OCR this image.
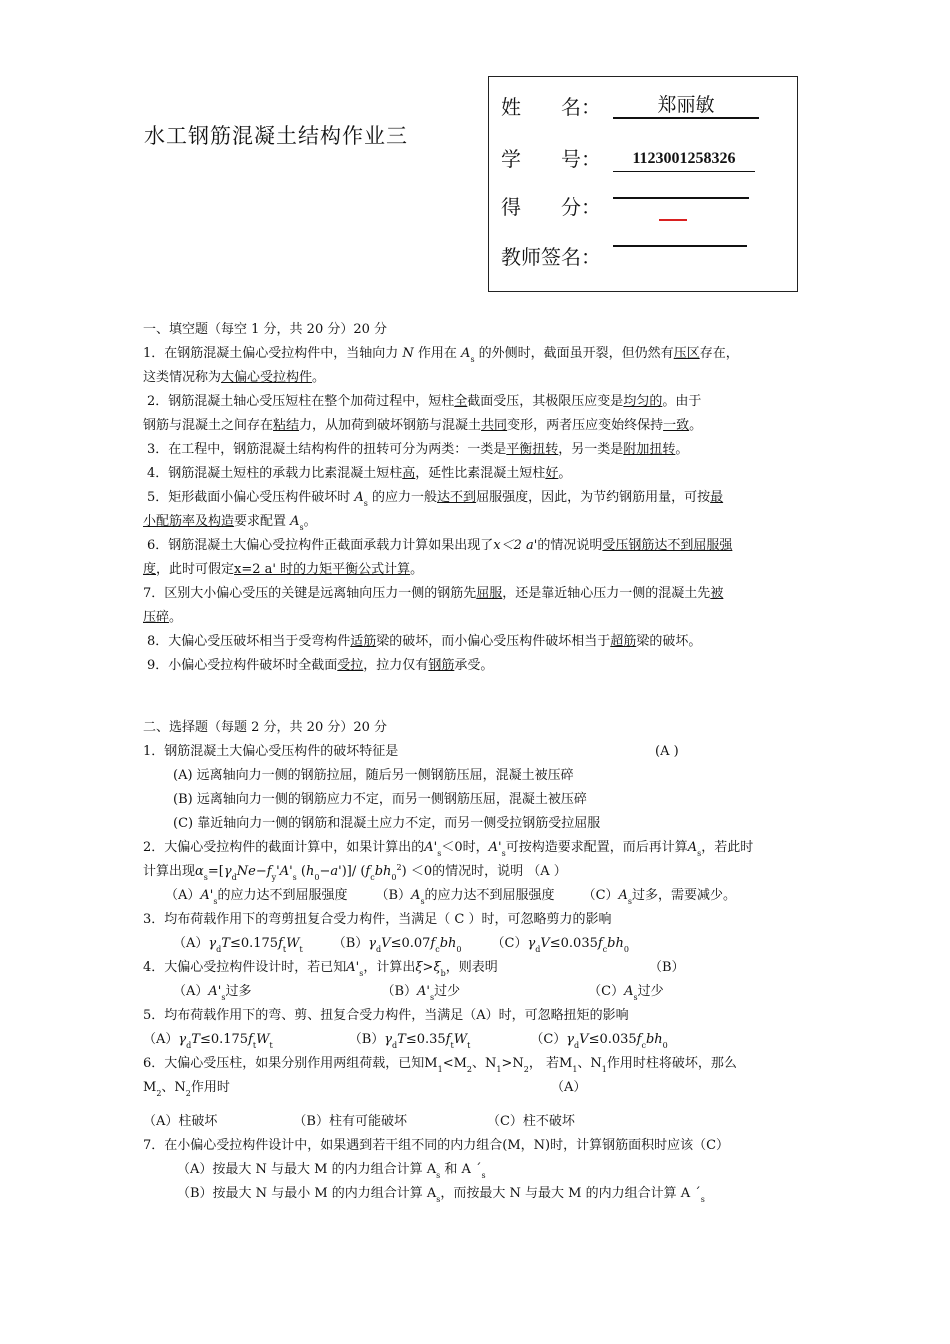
水工钢筋混凝土结构作业三
姓　　名：	郑丽敏
学　　号：	1123001258326
得　　分：
教师签名：
一、填空题（每空 1 分，共 20 分）20 分
1．在钢筋混凝土偏心受拉构件中，当轴向力 N 作用在 $A_s$ 的外侧时，截面虽开裂，但仍然有压区存在，
这类情况称为大偏心受拉构件。
2．钢筋混凝土轴心受压短柱在整个加荷过程中，短柱全截面受压，其极限压应变是均匀的。由于
钢筋与混凝土之间存在粘结力，从加荷到破坏钢筋与混凝土共同变形，两者压应变始终保持一致。
3．在工程中，钢筋混凝土结构构件的扭转可分为两类：一类是平衡扭转，另一类是附加扭转。
4．钢筋混凝土短柱的承载力比素混凝土短柱高，延性比素混凝土短柱好。
5．矩形截面小偏心受压构件破坏时 $A_s$ 的应力一般达不到屈服强度，因此，为节约钢筋用量，可按最
小配筋率及构造要求配置 $A_s$。
6．钢筋混凝土大偏心受拉构件正截面承载力计算如果出现了x＜2 a'的情况说明受压钢筋达不到屈服强
度，此时可假定x=2 a' 时的力矩平衡公式计算。
7．区别大小偏心受压的关键是远离轴向压力一侧的钢筋先屈服，还是靠近轴心压力一侧的混凝土先被
压碎。
8．大偏心受压破坏相当于受弯构件适筋梁的破坏，而小偏心受压构件破坏相当于超筋梁的破坏。
9．小偏心受拉构件破坏时全截面受拉，拉力仅有钢筋承受。
二、选择题（每题 2 分，共 20 分）20 分
1．钢筋混凝土大偏心受压构件的破坏特征是	(A )
(A) 远离轴向力一侧的钢筋拉屈，随后另一侧钢筋压屈，混凝土被压碎
(B) 远离轴向力一侧的钢筋应力不定，而另一侧钢筋压屈，混凝土被压碎
(C) 靠近轴向力一侧的钢筋和混凝土应力不定，而另一侧受拉钢筋受拉屈服
2．大偏心受拉构件的截面计算中，如果计算出的$A'_s<0$时，$A'_s$可按构造要求配置，而后再计算$A_s$，若此时
计算出现$\alpha_s=[\gamma_dNe-f_y'A'_s$ $(h_0-a')]/$ $(f_cbh_0^2) <0$的情况时，说明 （A ）
$(A)A'_s$的应力达不到屈服强度 $(B)A_s$的应力达不到屈服强度 $(C)A_s$过多，需要减少。
3．均布荷载作用下的弯剪扭复合受力构件，当满足（ C ）时，可忽略剪力的影响
$(A)\gamma_dT\le 0.175f_tW_t$ $(B)\gamma_dV\le 0.07f_cbh_0$ $(C)\gamma_dV\le 0.035f_cbh_0$
4．大偏心受拉构件设计时，若已知$A'_s$，计算出$\xi>\xi_b$，则表明	（B）
$(A)A'_s$过多	$(B)A'_s$过少	$(C)A_s$过少
5．均布荷载作用下的弯、剪、扭复合受力构件，当满足（A）时，可忽略扭矩的影响
$(A)\gamma_dT\le 0.175f_tW_t$	$(B)\gamma_dT\le 0.35f_tW_t$	$(C)\gamma_dV\le 0.035f_cbh_0$
6．大偏心受压柱，如果分别作用两组荷载，已知$M_1<M_2$、$N_1>N_2$， 若$M_1$、$N_1$作用时柱将破坏，那么
$M_2$、$N_2$作用时	（A）
（A）柱破坏	（B）柱有可能破坏	（C）柱不破坏
7．在小偏心受拉构件设计中，如果遇到若干组不同的内力组合(M，N)时，计算钢筋面积时应该（C）
（A）按最大 N 与最大 M 的内力组合计算 $A_s$ 和 A $´_s$
（B）按最大 N 与最小 M 的内力组合计算 $A_s$，而按最大 N 与最大 M 的内力组合计算 A $´_s$
